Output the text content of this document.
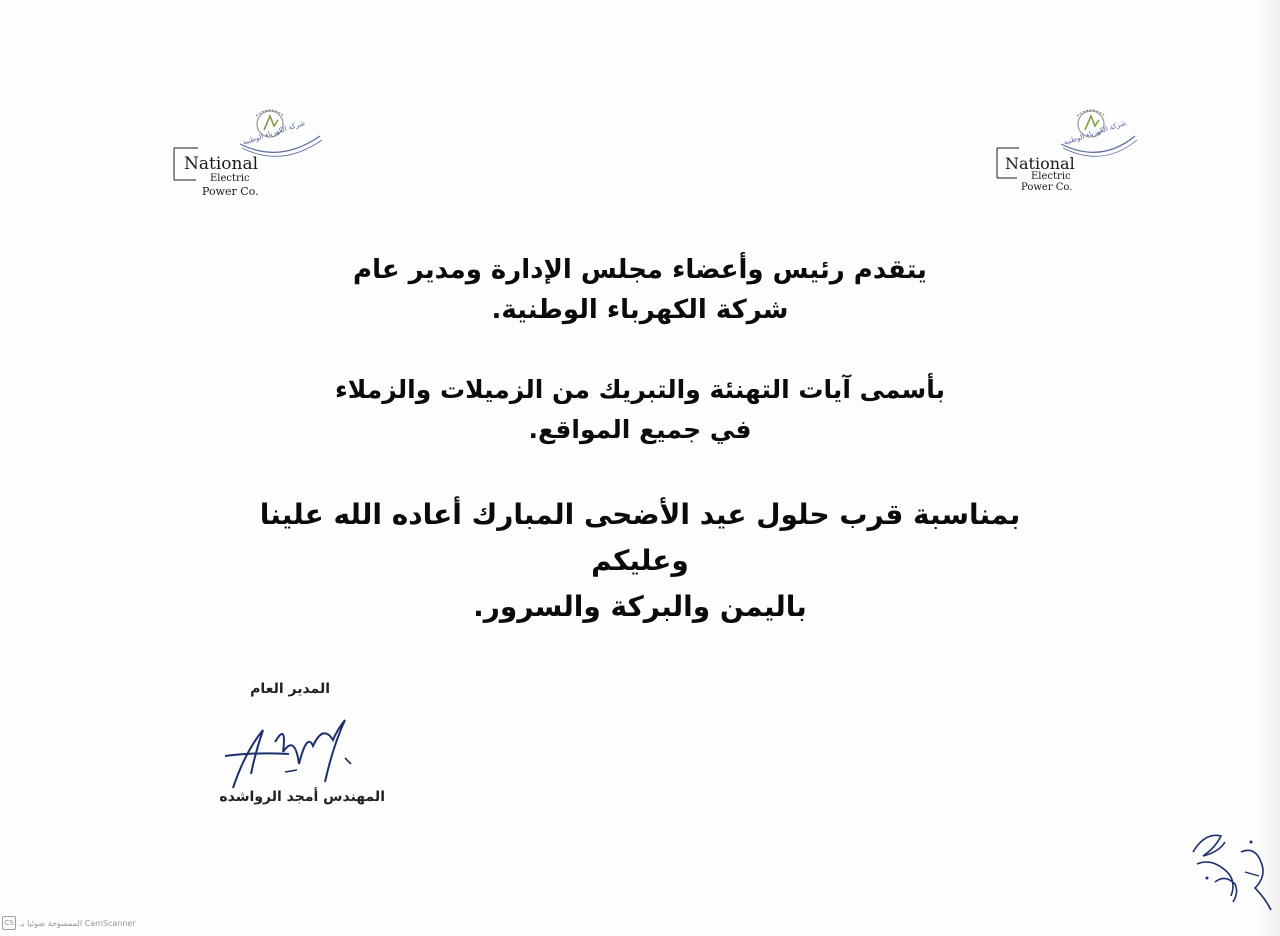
National
Electric
Power Co.
شركة الكهرباء الوطنية
National
Electric
Power Co.
شركة الكهرباء الوطنية
يتقدم رئيس وأعضاء مجلس الإدارة ومدير عام
شركة الكهرباء الوطنية.
بأسمى آيات التهنئة والتبريك من الزميلات والزملاء
في جميع المواقع.
بمناسبة قرب حلول عيد الأضحى المبارك أعاده الله علينا وعليكم
باليمن والبركة والسرور.
المدير العام
المهندس أمجد الرواشده
CS الممسوحة ضوئيا بـ CamScanner
